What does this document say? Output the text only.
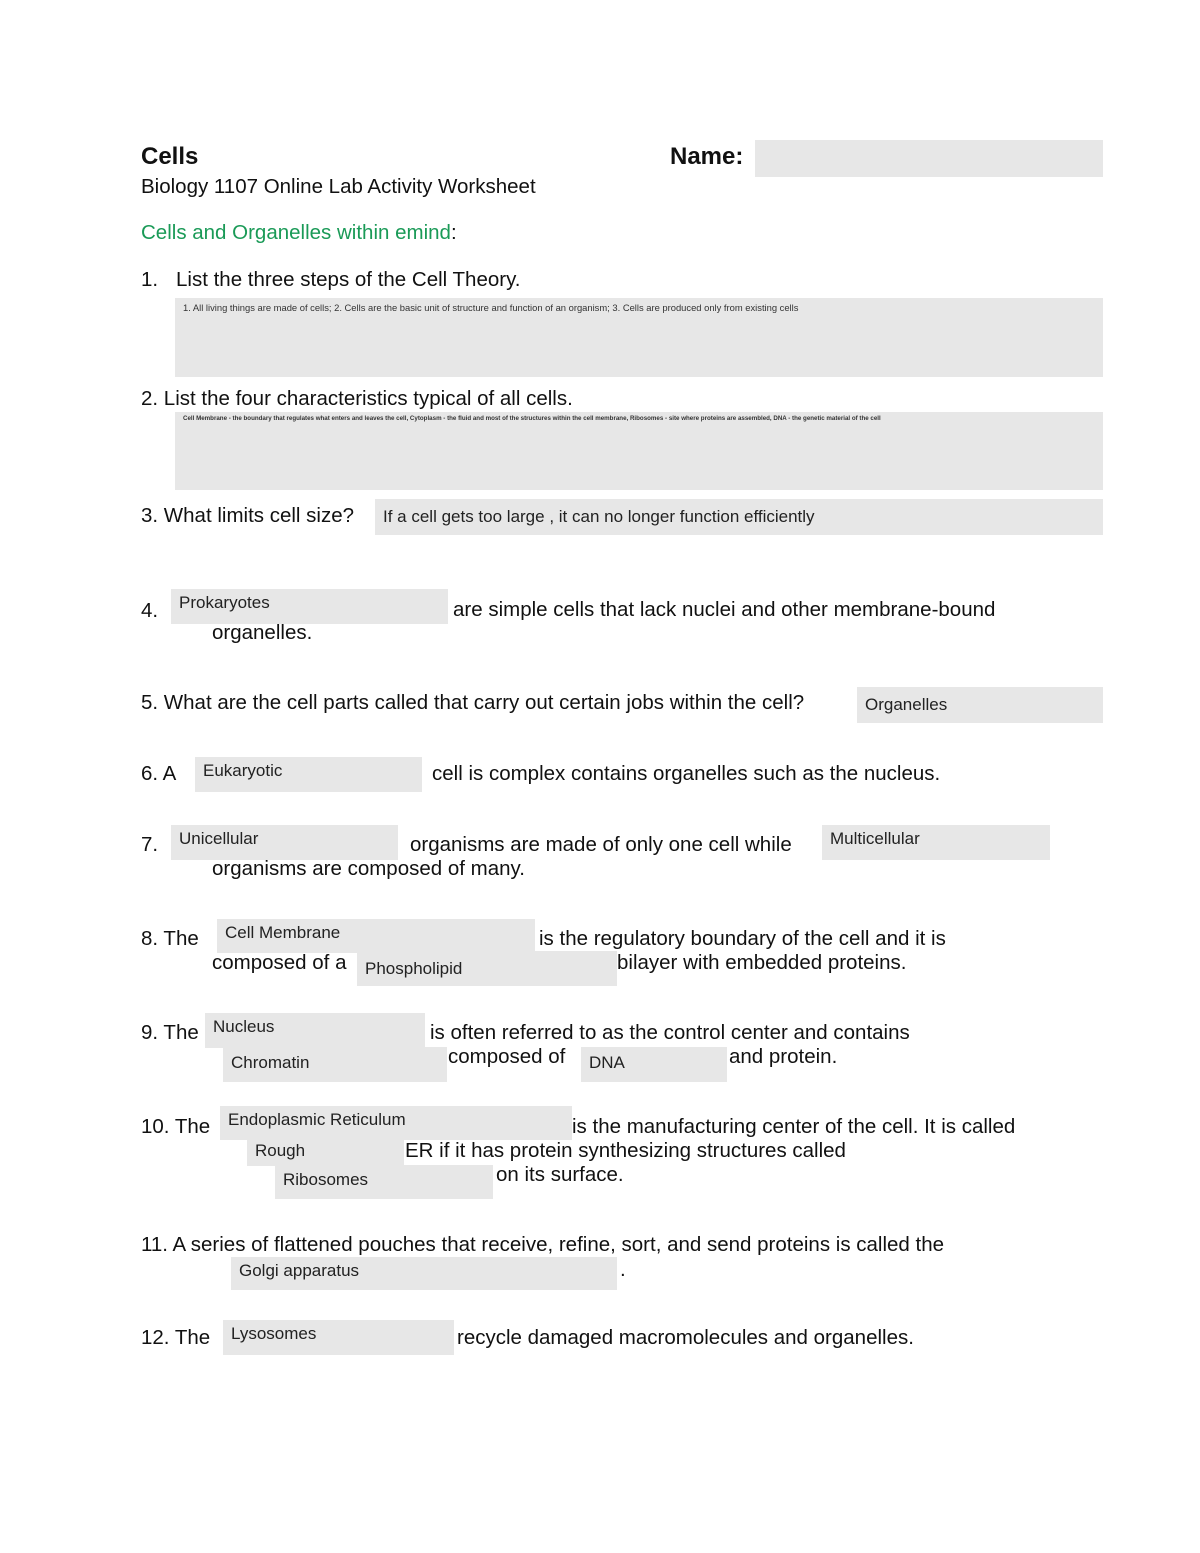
Cells	Name:
Biology 1107 Online Lab Activity Worksheet
Cells and Organelles within emind:
1. List the three steps of the Cell Theory.
1. All living things are made of cells; 2. Cells are the basic unit of structure and function of an organism; 3. Cells are produced only from existing cells
2. List the four characteristics typical of all cells.
Cell Membrane - the boundary that regulates what enters and leaves the cell, Cytoplasm - the fluid and most of the structures within the cell membrane, Ribosomes - site where proteins are assembled, DNA - the genetic material of the cell
3. What limits cell size?	If a cell gets too large , it can no longer function efficiently
4.	Prokaryotes	are simple cells that lack nuclei and other membrane-bound
organelles.
5. What are the cell parts called that carry out certain jobs within the cell?	Organelles
6. A	Eukaryotic	cell is complex contains organelles such as the nucleus.
7.	Unicellular	organisms are made of only one cell while	Multicellular
organisms are composed of many.
8. The	Cell Membrane	is the regulatory boundary of the cell and it is
composed of a	Phospholipid	bilayer with embedded proteins.
9. The Nucleus	is often referred to as the control center and contains
Chromatin	composed of	DNA	and protein.
10. The	Endoplasmic Reticulum	is the manufacturing center of the cell. It is called
Rough	ER if it has protein synthesizing structures called
Ribosomes	on its surface.
11. A series of flattened pouches that receive, refine, sort, and send proteins is called the
Golgi apparatus	.
12. The	Lysosomes	recycle damaged macromolecules and organelles.
